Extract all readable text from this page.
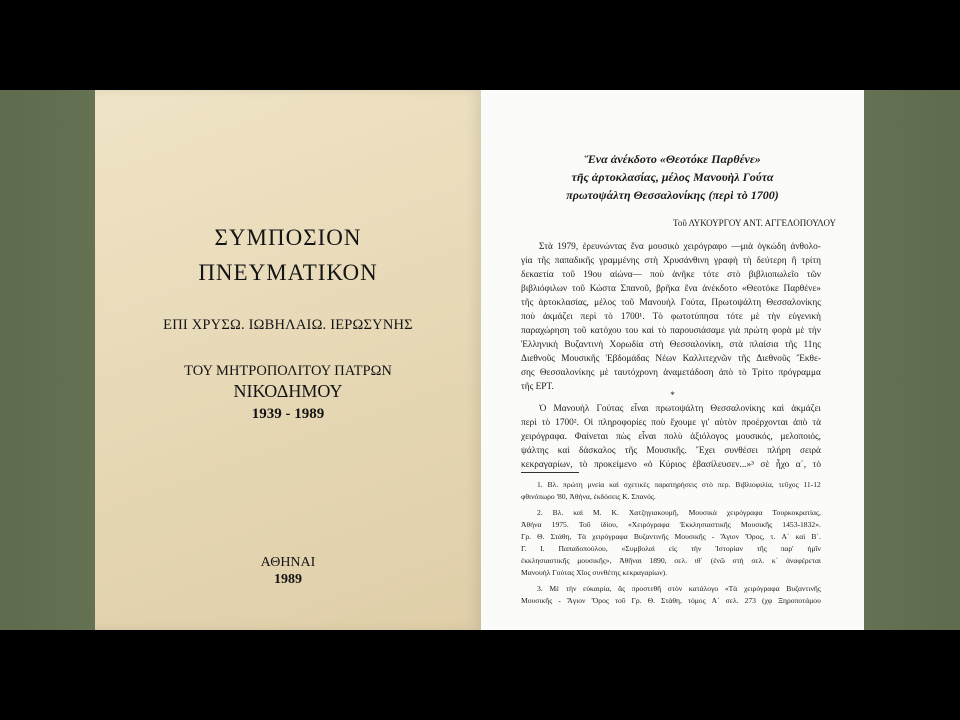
ΣΥΜΠΟΣΙΟΝ
ΠΝΕΥΜΑΤΙΚΟΝ
ΕΠΙ ΧΡΥΣΩ. ΙΩΒΗΛΑΙΩ. ΙΕΡΩΣΥΝΗΣ
ΤΟΥ ΜΗΤΡΟΠΟΛΙΤΟΥ ΠΑΤΡΩΝ
ΝΙΚΟΔΗΜΟΥ
1939 - 1989
ΑΘΗΝΑΙ
1989
Ἕνα ἀνέκδοτο «Θεοτόκε Παρθένε»
τῆς ἀρτοκλασίας, μέλος Μανουὴλ Γούτα
πρωτοψάλτη Θεσσαλονίκης (περὶ τὸ 1700)
Τοῦ ΛΥΚΟΥΡΓΟΥ ΑΝΤ. ΑΓΓΕΛΟΠΟΥΛΟΥ
Στὰ 1979, ἐρευνώντας ἕνα μουσικὸ χειρόγραφο —μιὰ ὀγκώδη ἀνθολο-
γία τῆς παπαδικῆς γραμμένης στὴ Χρυσάνθινη γραφὴ τὴ δεύτερη ἢ τρίτη
δεκαετία τοῦ 19ου αἰώνα— ποὺ ἀνῆκε τότε στὸ βιβλιοπωλεῖο τῶν
βιβλιόφιλων τοῦ Κώστα Σπανοῦ, βρῆκα ἕνα ἀνέκδοτο «Θεοτόκε Παρθένε»
τῆς ἀρτοκλασίας, μέλος τοῦ Μανουὴλ Γούτα, Πρωτοψάλτη Θεσσαλονίκης
ποὺ ἀκμάζει περὶ τὸ 1700¹. Τὸ φωτοτύπησα τότε μὲ τὴν εὐγενικὴ
παραχώρηση τοῦ κατόχου του καὶ τὸ παρουσιάσαμε γιὰ πρώτη φορὰ μὲ τὴν
Ἑλληνικὴ Βυζαντινὴ Χορωδία στὴ Θεσσαλονίκη, στὰ πλαίσια τῆς 11ης
Διεθνοῦς Μουσικῆς Ἑβδομάδας Νέων Καλλιτεχνῶν τῆς Διεθνοῦς Ἔκθε-
σης Θεσσαλονίκης μὲ ταυτόχρονη ἀναμετάδοση ἀπὸ τὸ Τρίτο πρόγραμμα
τῆς ΕΡΤ.
*
Ὁ Μανουὴλ Γούτας εἶναι πρωτοψάλτη Θεσσαλονίκης καὶ ἀκμάζει
περὶ τὸ 1700². Οἱ πληροφορίες ποὺ ἔχουμε γι' αὐτὸν προέρχονται ἀπὸ τὰ
χειρόγραφα. Φαίνεται πὼς εἶναι πολὺ ἀξιόλογος μουσικός, μελοποιός,
ψάλτης καὶ δάσκαλος τῆς Μουσικῆς. Ἔχει συνθέσει πλήρη σειρὰ
κεκραγαρίων, τὸ προκείμενο «ὁ Κύριος ἐβασίλευσεν...»³ σὲ ἦχο α΄, τὸ
1. Βλ. πρώτη μνεία καὶ σχετικὲς παρατηρήσεις στὸ περ. Βιβλιοφιλία, τεῦχος 11-12
φθινόπωρο '80, Ἀθήνα, ἐκδόσεις Κ. Σπανός.
2. Βλ. καὶ Μ. Κ. Χατζηγιακουμῆ, Μουσικὰ χειρόγραφα Τουρκοκρατίας,
Ἀθήνα 1975. Τοῦ ἰδίου, «Χειρόγραφα Ἐκκλησιαστικῆς Μουσικῆς 1453-1832».
Γρ. Θ. Στάθη, Τὰ χειρόγραφα Βυζαντινῆς Μουσικῆς - Ἅγιον Ὄρος, τ. Α΄ καὶ Β΄.
Γ. Ι. Παπαδοπούλου, «Συμβολαὶ εἰς τὴν Ἱστορίαν τῆς παρ' ἡμῖν
ἐκκλησιαστικῆς μουσικῆς», Ἀθῆναι 1890, σελ. ιθ΄ (ἐνῶ στὴ σελ. κ΄ ἀναφέρεται
Μανουὴλ Γούτας Χῖος συνθέτης κεκραγαρίων).
3. Μὲ τὴν εὐκαιρία, ἂς προστεθῆ στὸν κατάλογο «Τὰ χειρόγραφα Βυζαντινῆς
Μουσικῆς - Ἅγιον Ὄρος τοῦ Γρ. Θ. Στάθη, τόμος Α΄ σελ. 273 (χφ Ξηροποτάμου
